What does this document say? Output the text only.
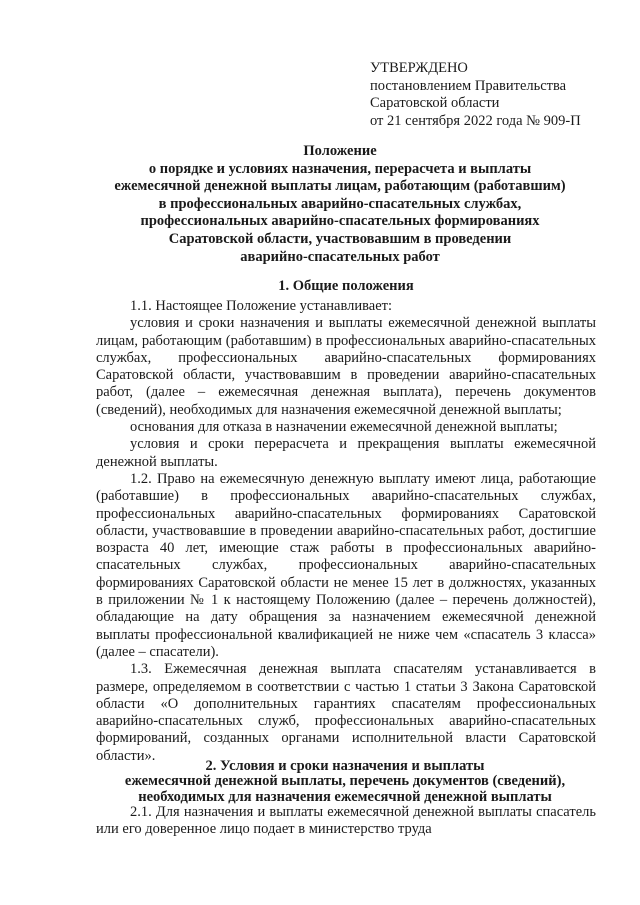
УТВЕРЖДЕНО
постановлением Правительства
Саратовской области
от 21 сентября 2022 года № 909-П
Положение
о порядке и условиях назначения, перерасчета и выплаты
ежемесячной денежной выплаты лицам, работающим (работавшим)
в профессиональных аварийно-спасательных службах,
профессиональных аварийно-спасательных формированиях
Саратовской области, участвовавшим в проведении
аварийно-спасательных работ
1. Общие положения

1.1. Настоящее Положение устанавливает:

условия и сроки назначения и выплаты ежемесячной денежной выплаты лицам, работающим (работавшим) в профессиональных аварийно-спасательных службах, профессиональных аварийно-спасательных формированиях Саратовской области, участвовавшим в проведении аварийно-спасательных работ, (далее – ежемесячная денежная выплата), перечень документов (сведений), необходимых для назначения ежемесячной денежной выплаты;

основания для отказа в назначении ежемесячной денежной выплаты;

условия и сроки перерасчета и прекращения выплаты ежемесячной денежной выплаты.

1.2. Право на ежемесячную денежную выплату имеют лица, работающие (работавшие) в профессиональных аварийно-спасательных службах, профессиональных аварийно-спасательных формированиях Саратовской области, участвовавшие в проведении аварийно-спасательных работ, достигшие возраста 40 лет, имеющие стаж работы в профессиональных аварийно-спасательных службах, профессиональных аварийно-спасательных формированиях Саратовской области не менее 15 лет в должностях, указанных в приложении № 1 к настоящему Положению (далее – перечень должностей), обладающие на дату обращения за назначением ежемесячной денежной выплаты профессиональной квалификацией не ниже чем «спасатель 3 класса» (далее – спасатели).

1.3. Ежемесячная денежная выплата спасателям устанавливается в размере, определяемом в соответствии с частью 1 статьи 3 Закона Саратовской области «О дополнительных гарантиях спасателям профессиональных аварийно-спасательных служб, профессиональных аварийно-спасательных формирований, созданных органами исполнительной власти Саратовской области».

2. Условия и сроки назначения и выплаты
ежемесячной денежной выплаты, перечень документов (сведений),
необходимых для назначения ежемесячной денежной выплаты

2.1. Для назначения и выплаты ежемесячной денежной выплаты спасатель или его доверенное лицо подает в министерство труда
